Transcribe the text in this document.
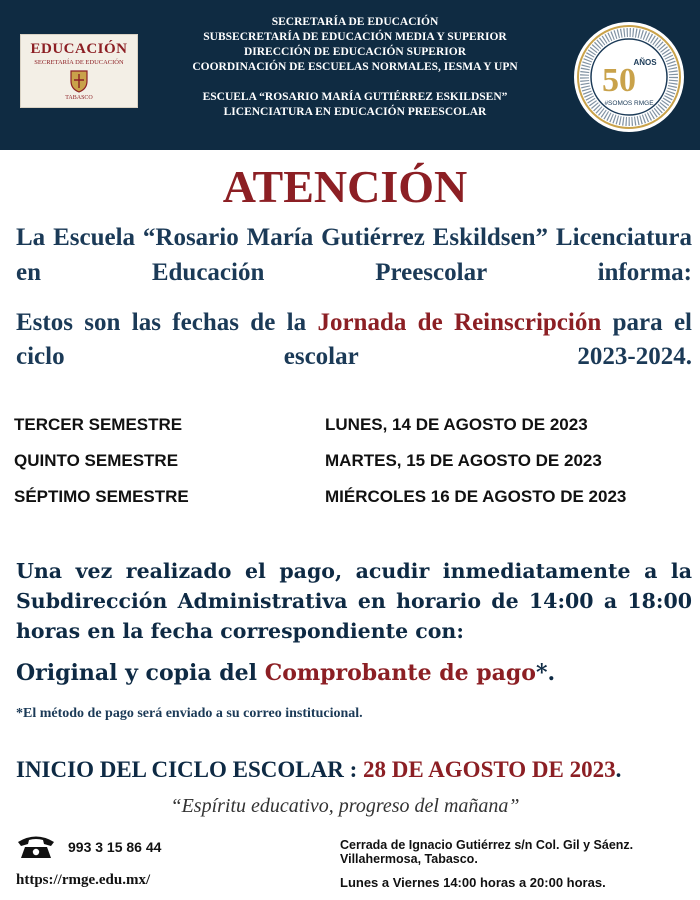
EDUCACIÓN
SECRETARÍA DE EDUCACIÓN
TABASCO
SECRETARÍA DE EDUCACIÓN
SUBSECRETARÍA DE EDUCACIÓN MEDIA Y SUPERIOR
DIRECCIÓN DE EDUCACIÓN SUPERIOR
COORDINACIÓN DE ESCUELAS NORMALES, IESMA Y UPN
ESCUELA “ROSARIO MARÍA GUTIÉRREZ ESKILDSEN”
LICENCIATURA EN EDUCACIÓN PREESCOLAR
50
AÑOS
#SOMOS RMGE
ATENCIÓN
La Escuela “Rosario María Gutiérrez Eskildsen” Licenciatura en Educación Preescolar informa:
Estos son las fechas de la Jornada de Reinscripción para el ciclo escolar 2023-2024.
TERCER SEMESTRE	LUNES, 14 DE AGOSTO DE 2023
QUINTO SEMESTRE	MARTES, 15 DE AGOSTO DE 2023
SÉPTIMO SEMESTRE	MIÉRCOLES 16 DE AGOSTO DE 2023
Una vez realizado el pago, acudir inmediatamente a la Subdirección Administrativa en horario de 14:00 a 18:00 horas en la fecha correspondiente con:
Original y copia del Comprobante de pago*.
*El método de pago será enviado a su correo institucional.
INICIO DEL CICLO ESCOLAR : 28 DE AGOSTO DE 2023.
“Espíritu educativo, progreso del mañana”
993 3 15 86 44
https://rmge.edu.mx/
Cerrada de Ignacio Gutiérrez s/n Col. Gil y Sáenz.
Villahermosa, Tabasco.
Lunes a Viernes 14:00 horas a 20:00 horas.
